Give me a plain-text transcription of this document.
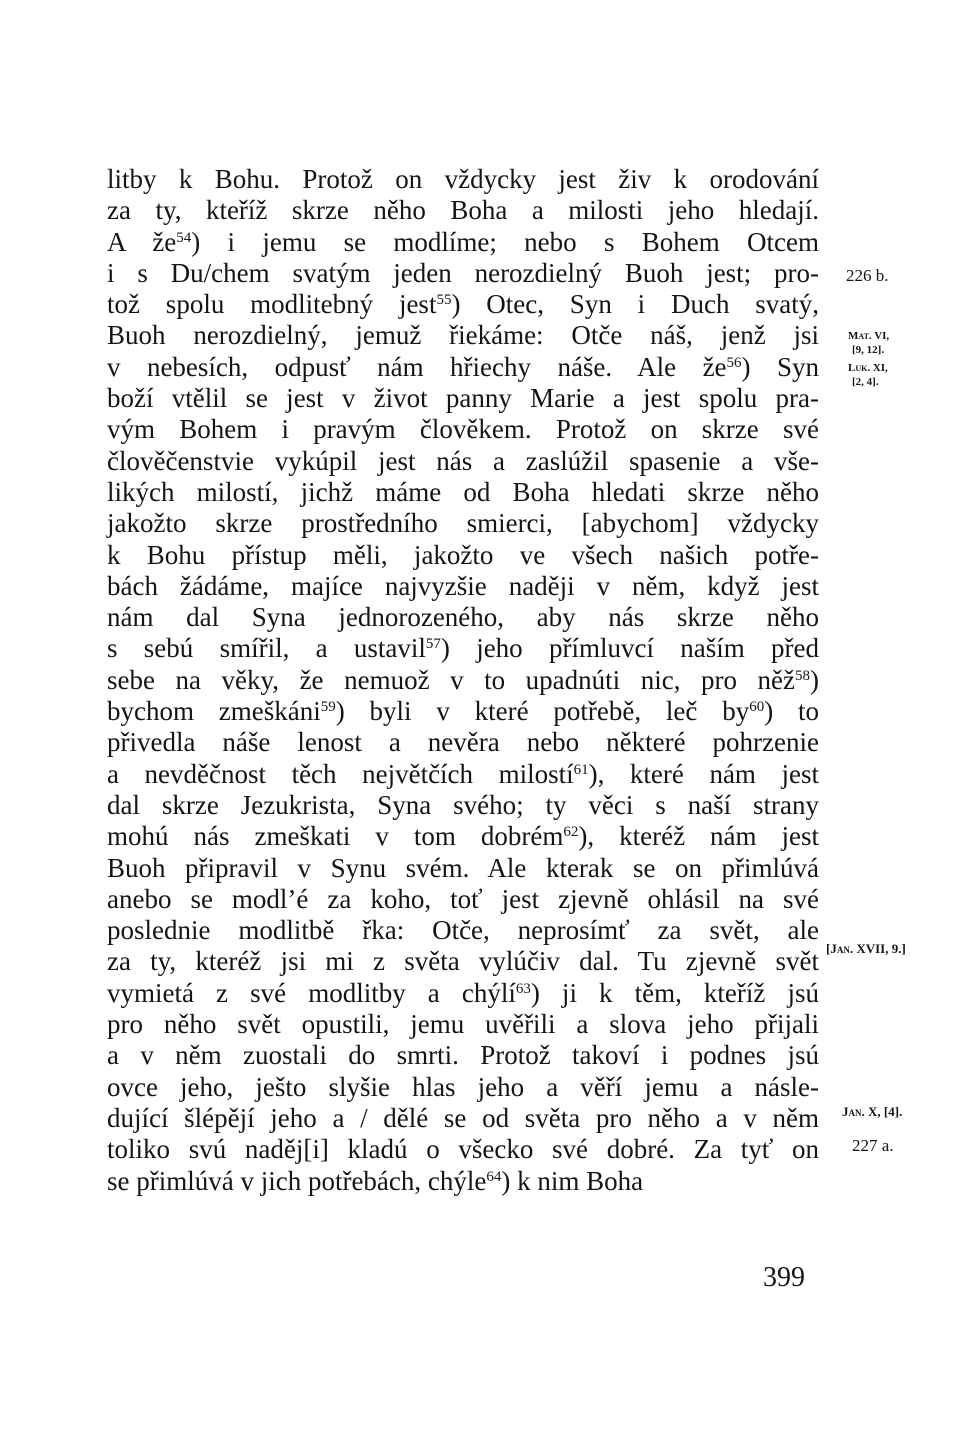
litby k Bohu. Protož on vždycky jest živ k orodování
za ty, kteříž skrze něho Boha a milosti jeho hledají.
A $že^{54}$) i jemu se modlíme; nebo s Bohem Otcem
i s Du/chem svatým jeden nerozdielný Buoh jest; pro-
tož spolu modlitebný jest$^{55}$) Otec, Syn i Duch svatý,
Buoh nerozdielný, jemuž řiekáme: Otče náš, jenž jsi
v nebesích, odpusť nám hřiechy náše. Ale $že^{56}$) Syn
boží vtělil se jest v život panny Marie a jest spolu pra-
vým Bohem i pravým člověkem. Protož on skrze své
člověčenstvie vykúpil jest nás a zaslúžil spasenie a vše-
likých milostí, jichž máme od Boha hledati skrze něho
jakožto skrze prostředního smierci, [abychom] vždycky
k Bohu přístup měli, jakožto ve všech našich potře-
bách žádáme, majíce najvyzšie naději v něm, když jest
nám dal Syna jednorozeného, aby nás skrze něho
s sebú smířil, a ustavil$^{57}$) jeho přímluvcí naším před
sebe na věky, že nemuož v to upadnúti nic, pro něž$^{58}$)
bychom zmeškáni$^{59}$) byli v které potřebě, leč $by^{60}$) to
přivedla náše lenost a nevěra nebo některé pohrzenie
a nevděčnost těch největčích milostí$^{61}$), které nám jest
dal skrze Jezukrista, Syna svého; ty věci s naší strany
mohú nás zmeškati v tom dobrém$^{62}$), kteréž nám jest
Buoh připravil v Synu svém. Ale kterak se on přimlúvá
anebo se modl’é za koho, toť jest zjevně ohlásil na své
poslednie modlitbě řka: Otče, neprosímť za svět, ale
za ty, kteréž jsi mi z světa vylúčiv dal. Tu zjevně svět
vymietá z své modlitby a chýlí$^{63}$) ji k těm, kteříž jsú
pro něho svět opustili, jemu uvěřili a slova jeho přijali
a v něm zuostali do smrti. Protož takoví i podnes jsú
ovce jeho, ješto slyšie hlas jeho a věří jemu a násle-
dující šlépějí jeho a / dělé se od světa pro něho a v něm
toliko svú naděj[i] kladú o všecko své dobré. Za tyť on
se přimlúvá v jich potřebách, chýle$^{64}$) k nim Boha
226 b.
Mat. VI,
[9, 12].
Luk. XI,
[2, 4].
[Jan. XVII, 9.]
Jan. X, [4].
227 a.
399
